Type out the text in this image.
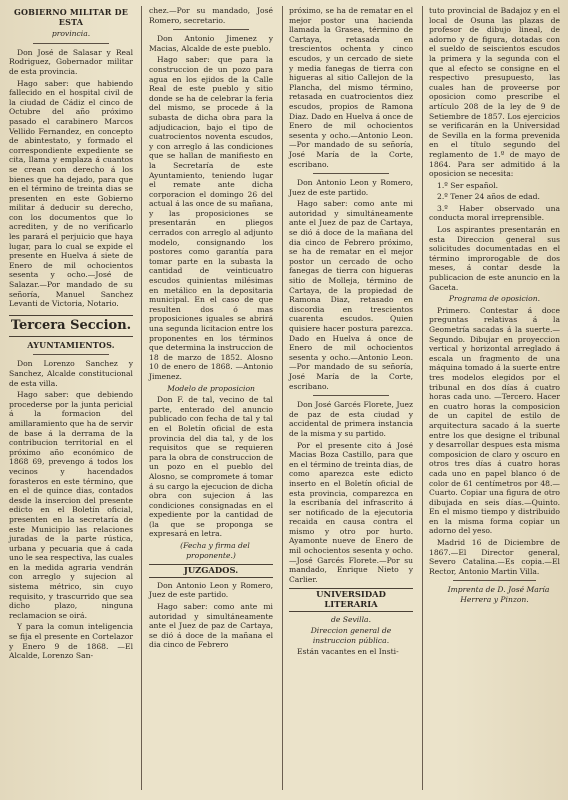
GOBIERNO MILITAR DE ESTA
provincia.

Don José de Salasar y Real Rodriguez, Gobernador militar de esta provincia.

Hago saber: que habiendo fallecido en el hospital civil de la ciudad de Cádiz el cinco de Octubre del año próximo pasado el carabinero Marcos Vellido Fernandez, en concepto de abintestato, y formado el correspondiente expediente se cita, llama y emplaza á cuantos se crean con derecho á los bienes que ha dejado, para que en el término de treinta dias se presenten en este Gobierno militar á deducir su derecho, con los documentos que lo acrediten, y de no verificarlo les parará el perjuicio que haya lugar, para lo cual se expide el presente en Huelva á siete de Enero de mil ochocientos sesenta y ocho.—José de Salazar.—Por mandado de su señoría, Manuel Sanchez Levanti de Victoria, Notario.

Tercera Seccion.
AYUNTAMIENTOS.

Don Lorenzo Sanchez y Sanchez, Alcalde constitucional de esta villa.

Hago saber: que debiendo procederse por la junta pericial á la formacion del amillaramiento que ha de servir de base á la derrama de la contribucion territorial en el próximo año económico de 1868 69, prevengo á todos los vecinos y hacendados forasteros en este término, que en el de quince dias, contados desde la insercion del presente edicto en el Boletín oficial, presenten en la secretaría de este Municipio las relaciones juradas de la parte rústica, urbana y pecuaria que á cada uno le sea respectiva, las cuales en la medida agraria vendrán con arreglo y sujecion al sistema métrico, sin cuyo requisito, y trascurrido que sea dicho plazo, ninguna reclamacion se oirá.

Y para la comun inteligencia se fija el presente en Cortelazor y Enero 9 de 1868. —El Alcalde, Lorenzo San-

chez.—Por su mandado, José Romero, secretario.

Don Antonio Jimenez y Macias, Alcalde de este pueblo.

Hago saber: que para la construccion de un pozo para agua en los ejidos de la Calle Real de este pueblo y sitio donde se ha de celebrar la feria del mismo, se procede á la subasta de dicha obra para la adjudicacion, bajo el tipo de cuatrocientos noventa escudos, y con arreglo á las condiciones que se hallan de manifiesto en la Secretaría de este Ayuntamiento, teniendo lugar el remate ante dicha corporacion el domingo 26 del actual á las once de su mañana, y las proposiciones se presentarán en pliegos cerrados con arreglo al adjunto modelo, consignando los postores como garantía para tomar parte en la subasta la cantidad de veinticuatro escudos quinientas milésimas en metálico en la depositaria municipal. En el caso de que resulten dos ó mas proposiciones iguales se abrirá una segunda licitacion entre los proponentes en los términos que determina la instruccion de 18 de marzo de 1852. Alosno 10 de enero de 1868. —Antonio Jimenez.

Modelo de proposicion

Don F. de tal, vecino de tal parte, enterado del anuncio publicado con fecha de tal y tal en el Boletín oficial de esta provincia del dia tal, y de los requisitos que se requieren para la obra de construccion de un pozo en el pueblo del Alosno, se compromete á tomar á su cargo la ejecucion de dicha obra con sujecion á las condiciones consignadas en el expediente por la cantidad de (la que se proponga se expresará en letra.

(Fecha y firma del proponente.)

JUZGADOS.

Don Antonio Leon y Romero, Juez de este partido.

Hago saber: como ante mi autoridad y simultáneamente ante el Juez de paz de Cartaya, se dió á doce de la mañana el dia cinco de Febrero

próximo, se ha de rematar en el mejor postor una hacienda llamada la Grasea, término de Cartaya, retasada en trescientos ochenta y cinco escudos, y un cercado de siete y media fanegas de tierra con higueras al sitio Callejon de la Plancha, del mismo término, retasada en cuatrocientos diez escudos, propios de Ramona Diaz. Dado en Huelva á once de Enero de mil ochocientos sesenta y ocho.—Antonio Leon.—Por mandado de su señoría, José María de la Corte, escribano.

Don Antonio Leon y Romero, Juez de este partido.

Hago saber: como ante mi autoridad y simultáneamente ante el Juez de paz de Cartaya, se dió á doce de la mañana del dia cinco de Febrero próximo, se ha de rematar en el mejor postor un cercado de ocho fanegas de tierra con higueras sitio de Molleja, término de Cartaya, de la propiedad de Ramona Diaz, retasado en discordia en trescientos cuarenta escudos. Quien quisiere hacer postura parezca. Dado en Huelva á once de Enero de mil ochocientos sesenta y ocho.—Antonio Leon.—Por mandado de su señoría, José María de la Corte, escribano.

Don José Garcés Florete, Juez de paz de esta ciudad y accidental de primera instancia de la misma y su partido.

Por el presente cito á José Macias Boza Castillo, para que en el término de treinta dias, de como aparezca este edicto inserto en el Boletín oficial de esta provincia, comparezca en la escribanía del infrascrito á ser notificado de la ejecutoria recaida en causa contra el mismo y otro por hurto. Ayamonte nueve de Enero de mil ochocientos sesenta y ocho.—José Garcés Florete.—Por su mandado, Enrique Nieto y Carlier.

UNIVERSIDAD LITERARIA
de Sevilla.
Direccion general de instruccion pública.

Están vacantes en el Insti-

tuto provincial de Badajoz y en el local de Osuna las plazas de profesor de dibujo lineal, de adorno y de figura, dotadas con el sueldo de seiscientos escudos la primera y la segunda con el que al efecto se consigne en el respectivo presupuesto, las cuales han de proveerse por oposicion como prescribe el artículo 208 de la ley de 9 de Setiembre de 1857. Los ejercicios se verificarán en la Universidad de Sevilla en la forma prevenida en el título segundo del reglamento de 1.º de mayo de 1864. Para ser admitido á la oposicion se necesita:

1.º Ser español.

2.º Tener 24 años de edad.

3.º Haber observado una conducta moral irreprensible.

Los aspirantes presentarán en esta Direccion general sus solicitudes documentadas en el término improrogable de dos meses, á contar desde la publicacion de este anuncio en la Gaceta.

Programa de oposicion.

Primero. Contestar á doce preguntas relativas á la Geometría sacadas á la suerte.—Segundo. Dibujar en proyeccion vertical y horizontal arreglado á escala un fragmento de una máquina tomado á la suerte entre tres modelos elegidos por el tribunal en dos días á cuatro horas cada uno. —Tercero. Hacer en cuatro horas la composicion de un capitel de estilo de arquitectura sacado á la suerte entre los que designe el tribunal y desarrollar despues esta misma composicion de claro y oscuro en otros tres días á cuatro horas cada uno en papel blanco ó de color de 61 centímetros por 48.—Cuarto. Copiar una figura de otro dibujada en seis días.—Quinto. En el mismo tiempo y distribuido en la misma forma copiar un adorno del yeso.

Madrid 16 de Diciembre de 1867.—El Director general, Severo Catalina.—Es copia.—El Rector, Antonio Martin Villa.

Imprenta de D. José María Herrera y Pinzon.
